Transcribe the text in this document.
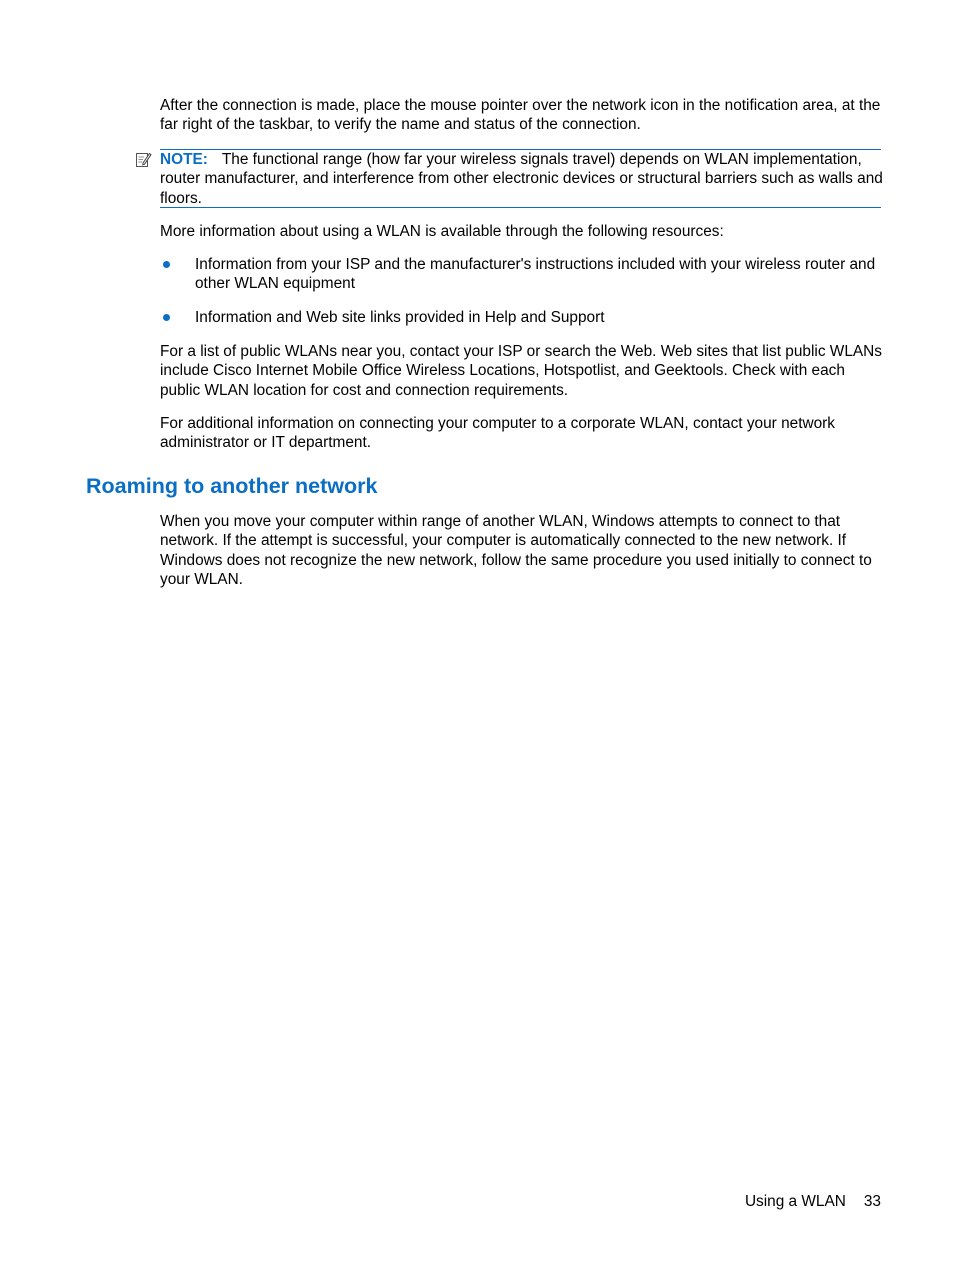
After the connection is made, place the mouse pointer over the network icon in the notification area, at the far right of the taskbar, to verify the name and status of the connection.

NOTE: The functional range (how far your wireless signals travel) depends on WLAN implementation, router manufacturer, and interference from other electronic devices or structural barriers such as walls and floors.

More information about using a WLAN is available through the following resources:

Information from your ISP and the manufacturer's instructions included with your wireless router and other WLAN equipment
Information and Web site links provided in Help and Support

For a list of public WLANs near you, contact your ISP or search the Web. Web sites that list public WLANs include Cisco Internet Mobile Office Wireless Locations, Hotspotlist, and Geektools. Check with each public WLAN location for cost and connection requirements.

For additional information on connecting your computer to a corporate WLAN, contact your network administrator or IT department.

Roaming to another network

When you move your computer within range of another WLAN, Windows attempts to connect to that network. If the attempt is successful, your computer is automatically connected to the new network. If Windows does not recognize the new network, follow the same procedure you used initially to connect to your WLAN.

Using a WLAN 33
